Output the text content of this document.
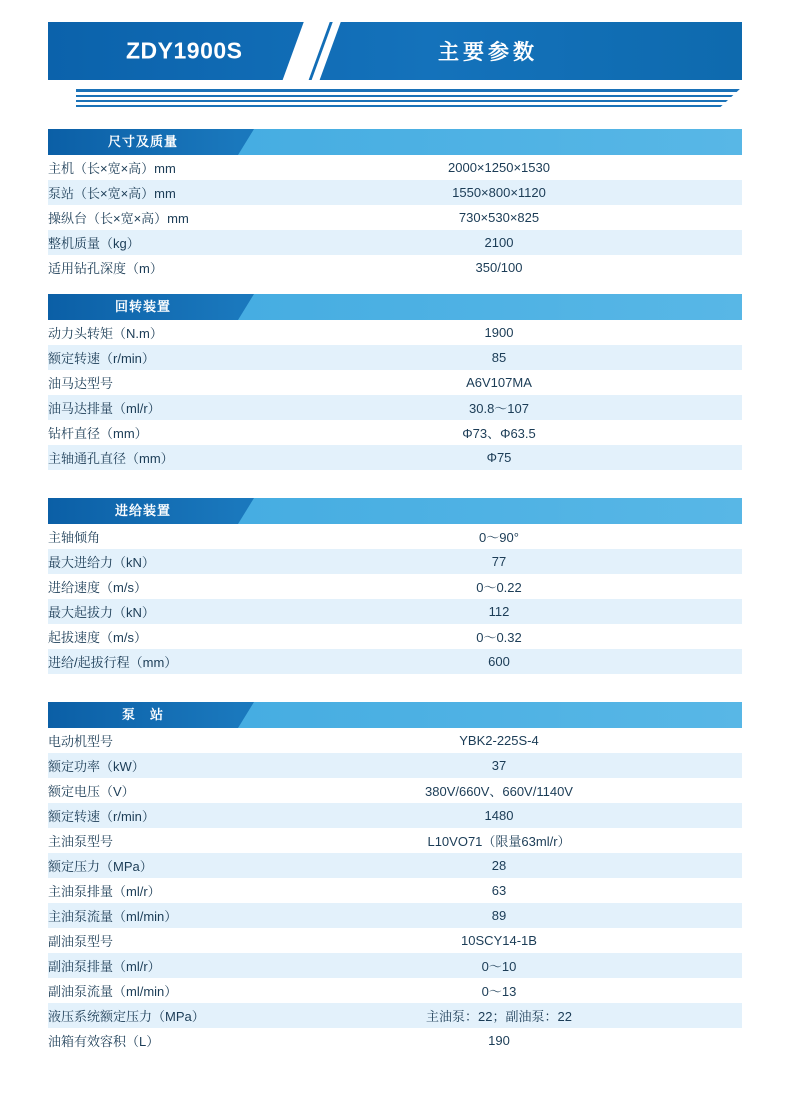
ZDY1900S	主要参数
尺寸及质量
主机（长×宽×高）mm	2000×1250×1530
泵站（长×宽×高）mm	1550×800×1120
操纵台（长×宽×高）mm	730×530×825
整机质量（kg）	2100
适用钻孔深度（m）	350/100
回转装置
动力头转矩（N.m）	1900
额定转速（r/min）	85
油马达型号	A6V107MA
油马达排量（ml/r）	30.8～107
钻杆直径（mm）	Φ73、Φ63.5
主轴通孔直径（mm）	Φ75
进给装置
主轴倾角	0～90°
最大进给力（kN）	77
进给速度（m/s）	0～0.22
最大起拔力（kN）	112
起拔速度（m/s）	0～0.32
进给/起拔行程（mm）	600
泵　站
电动机型号	YBK2-225S-4
额定功率（kW）	37
额定电压（V）	380V/660V、660V/1140V
额定转速（r/min）	1480
主油泵型号	L10VO71（限量63ml/r）
额定压力（MPa）	28
主油泵排量（ml/r）	63
主油泵流量（ml/min）	89
副油泵型号	10SCY14-1B
副油泵排量（ml/r）	0～10
副油泵流量（ml/min）	0～13
液压系统额定压力（MPa）	主油泵：22；副油泵：22
油箱有效容积（L）	190
